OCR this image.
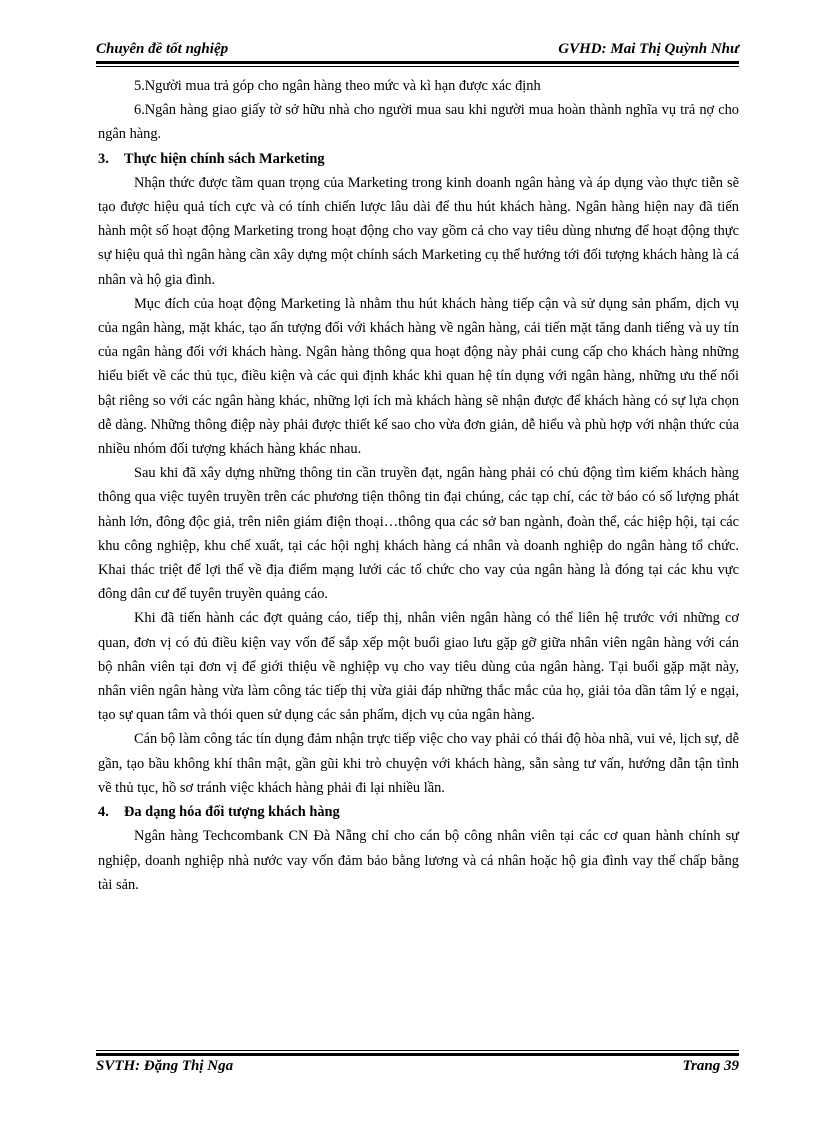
Chuyên đề tốt nghiệp	GVHD: Mai Thị Quỳnh Như

5.Người mua trả góp cho ngân hàng theo mức và kì hạn được xác định

6.Ngân hàng giao giấy tờ sở hữu nhà cho người mua sau khi người mua hoàn thành nghĩa vụ trả nợ cho ngân hàng.

3. Thực hiện chính sách Marketing

Nhận thức được tầm quan trọng của Marketing trong kinh doanh ngân hàng và áp dụng vào thực tiễn sẽ tạo được hiệu quả tích cực và có tính chiến lược lâu dài để thu hút khách hàng. Ngân hàng hiện nay đã tiến hành một số hoạt động Marketing trong hoạt động cho vay gồm cả cho vay tiêu dùng nhưng để hoạt động thực sự hiệu quả thì ngân hàng cần xây dựng một chính sách Marketing cụ thể hướng tới đối tượng khách hàng là cá nhân và hộ gia đình.

Mục đích của hoạt động Marketing là nhằm thu hút khách hàng tiếp cận và sử dụng sản phẩm, dịch vụ của ngân hàng, mặt khác, tạo ấn tượng đối với khách hàng về ngân hàng, cải tiến mặt tăng danh tiếng và uy tín của ngân hàng đối với khách hàng. Ngân hàng thông qua hoạt động này phải cung cấp cho khách hàng những hiểu biết về các thủ tục, điều kiện và các qui định khác khi quan hệ tín dụng với ngân hàng, những ưu thế nổi bật riêng so với các ngân hàng khác, những lợi ích mà khách hàng sẽ nhận được để khách hàng có sự lựa chọn dễ dàng. Những thông điệp này phải được thiết kế sao cho vừa đơn giản, dễ hiểu và phù hợp với nhận thức của nhiều nhóm đối tượng khách hàng khác nhau.

Sau khi đã xây dựng những thông tin cần truyền đạt, ngân hàng phải có chủ động tìm kiếm khách hàng thông qua việc tuyên truyền trên các phương tiện thông tin đại chúng, các tạp chí, các tờ báo có số lượng phát hành lớn, đông độc giả, trên niên giám điện thoại…thông qua các sở ban ngành, đoàn thể, các hiệp hội, tại các khu công nghiệp, khu chế xuất, tại các hội nghị khách hàng cá nhân và doanh nghiệp do ngân hàng tổ chức. Khai thác triệt để lợi thế về địa điểm mạng lưới các tổ chức cho vay của ngân hàng là đóng tại các khu vực đông dân cư để tuyên truyền quảng cáo.

Khi đã tiến hành các đợt quảng cáo, tiếp thị, nhân viên ngân hàng có thể liên hệ trước với những cơ quan, đơn vị có đủ điều kiện vay vốn để sắp xếp một buổi giao lưu gặp gỡ giữa nhân viên ngân hàng với cán bộ nhân viên tại đơn vị để giới thiệu về nghiệp vụ cho vay tiêu dùng của ngân hàng. Tại buổi gặp mặt này, nhân viên ngân hàng vừa làm công tác tiếp thị vừa giải đáp những thắc mắc của họ, giải tỏa dần tâm lý e ngại, tạo sự quan tâm và thói quen sử dụng các sản phẩm, dịch vụ của ngân hàng.

Cán bộ làm công tác tín dụng đảm nhận trực tiếp việc cho vay phải có thái độ hòa nhã, vui vẻ, lịch sự, dễ gần, tạo bầu không khí thân mật, gần gũi khi trò chuyện với khách hàng, sẵn sàng tư vấn, hướng dẫn tận tình về thủ tục, hồ sơ tránh việc khách hàng phải đi lại nhiều lần.

4. Đa dạng hóa đối tượng khách hàng

Ngân hàng Techcombank CN Đà Nẵng chỉ cho cán bộ công nhân viên tại các cơ quan hành chính sự nghiệp, doanh nghiệp nhà nước vay vốn đảm bảo bằng lương và cá nhân hoặc hộ gia đình vay thế chấp bằng tài sản.

SVTH: Đặng Thị Nga	Trang 39
